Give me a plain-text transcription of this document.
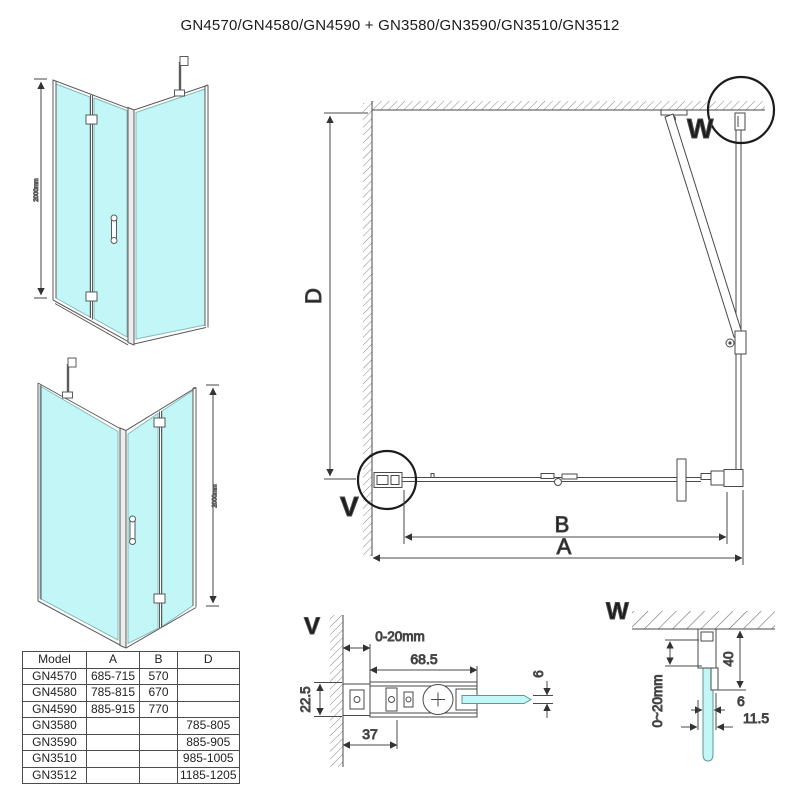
GN4570/GN4580/GN4590 + GN3580/GN3590/GN3510/GN3512
2000mm
2000mm
D
B
A
V
W
V	0-20mm
68.5
22.5
37
6
W
40
0~20mm	6
11.5
Model	A	B	D
GN4570	685-715	570	
GN4580	785-815	670	
GN4590	885-915	770	
GN3580			785-805
GN3590			885-905
GN3510			985-1005
GN3512			1185-1205
